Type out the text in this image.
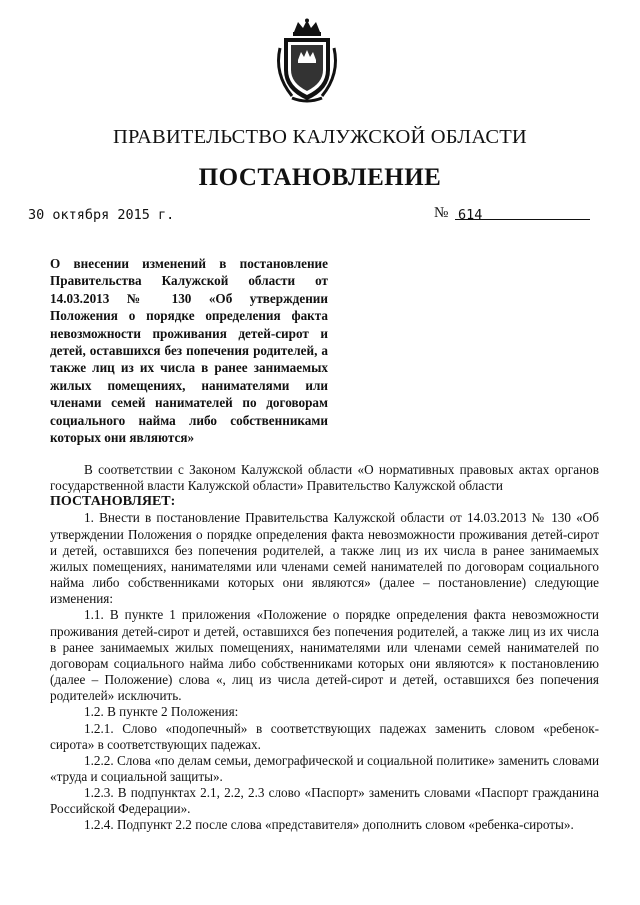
ПРАВИТЕЛЬСТВО КАЛУЖСКОЙ ОБЛАСТИ
ПОСТАНОВЛЕНИЕ
30 октября 2015 г.	№ 614
О внесении изменений в постановление Правительства Калужской области от 14.03.2013 № 130 «Об утверждении Положения о порядке определения факта невозможности проживания детей-сирот и детей, оставшихся без попечения родителей, а также лиц из их числа в ранее занимаемых жилых помещениях, нанимателями или членами семей нанимателей по договорам социального найма либо собственниками которых они являются»

В соответствии с Законом Калужской области «О нормативных правовых актах органов государственной власти Калужской области» Правительство Калужской области

ПОСТАНОВЛЯЕТ:

1. Внести в постановление Правительства Калужской области от 14.03.2013 № 130 «Об утверждении Положения о порядке определения факта невозможности проживания детей-сирот и детей, оставшихся без попечения родителей, а также лиц из их числа в ранее занимаемых жилых помещениях, нанимателями или членами семей нанимателей по договорам социального найма либо собственниками которых они являются» (далее – постановление) следующие изменения:

1.1. В пункте 1 приложения «Положение о порядке определения факта невозможности проживания детей-сирот и детей, оставшихся без попечения родителей, а также лиц из их числа в ранее занимаемых жилых помещениях, нанимателями или членами семей нанимателей по договорам социального найма либо собственниками которых они являются» к постановлению (далее – Положение) слова «, лиц из числа детей-сирот и детей, оставшихся без попечения родителей» исключить.

1.2. В пункте 2 Положения:

1.2.1. Слово «подопечный» в соответствующих падежах заменить словом «ребенок-сирота» в соответствующих падежах.

1.2.2. Слова «по делам семьи, демографической и социальной политике» заменить словами «труда и социальной защиты».

1.2.3. В подпунктах 2.1, 2.2, 2.3 слово «Паспорт» заменить словами «Паспорт гражданина Российской Федерации».

1.2.4. Подпункт 2.2 после слова «представителя» дополнить словом «ребенка-сироты».
